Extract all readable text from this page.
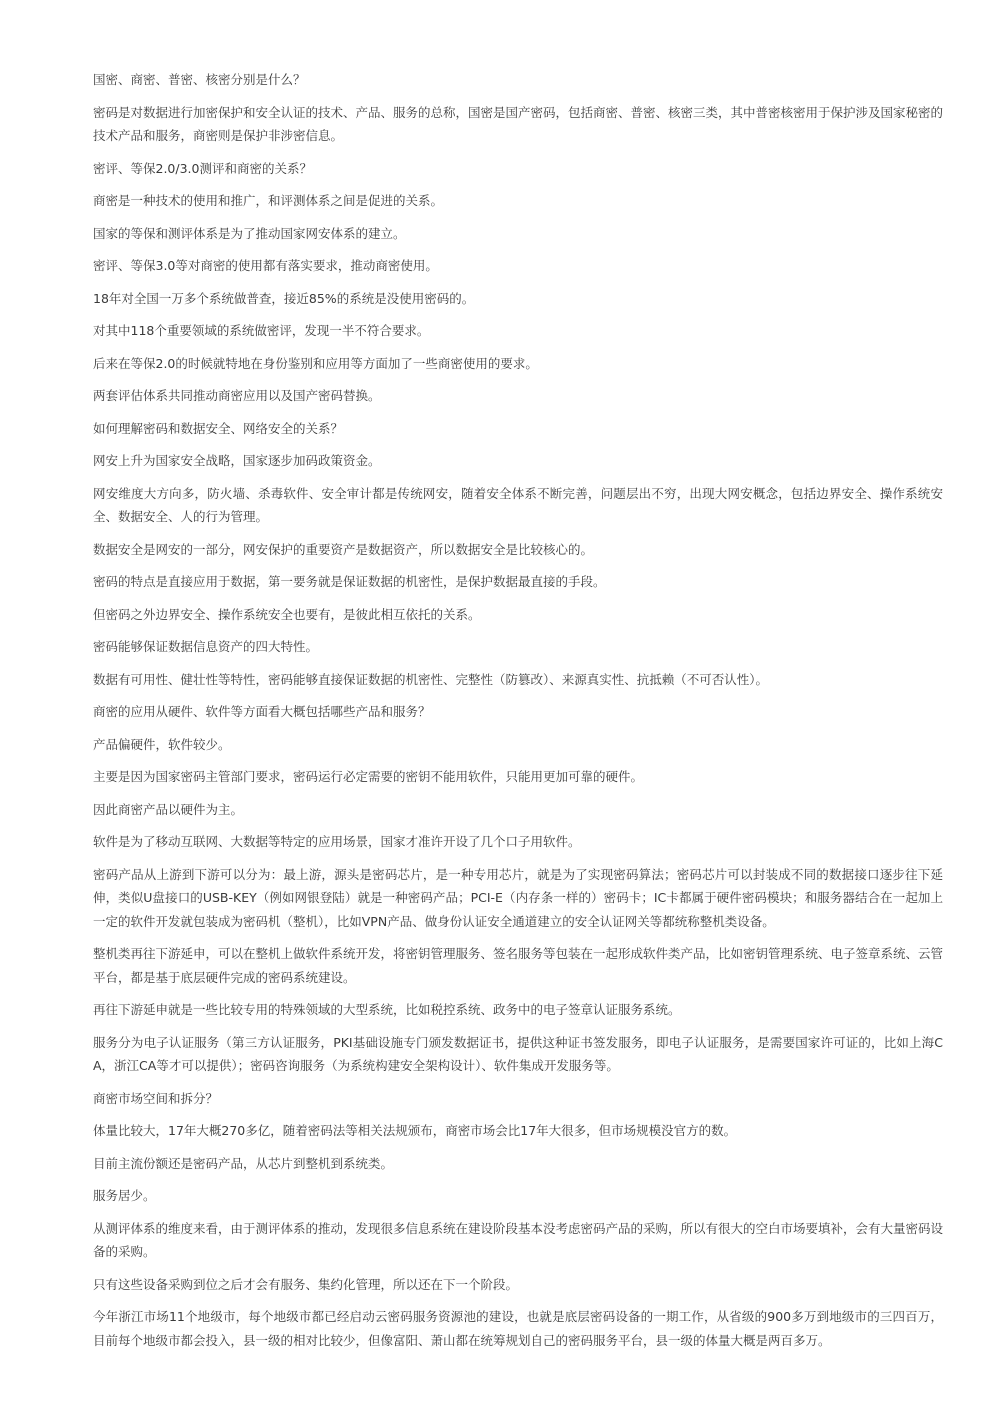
国密、商密、普密、核密分别是什么？

密码是对数据进行加密保护和安全认证的技术、产品、服务的总称，国密是国产密码，包括商密、普密、核密三类，其中普密核密用于保护涉及国家秘密的技术产品和服务，商密则是保护非涉密信息。

密评、等保2.0/3.0测评和商密的关系？

商密是一种技术的使用和推广，和评测体系之间是促进的关系。

国家的等保和测评体系是为了推动国家网安体系的建立。

密评、等保3.0等对商密的使用都有落实要求，推动商密使用。

18年对全国一万多个系统做普查，接近85%的系统是没使用密码的。

对其中118个重要领域的系统做密评，发现一半不符合要求。

后来在等保2.0的时候就特地在身份鉴别和应用等方面加了一些商密使用的要求。

两套评估体系共同推动商密应用以及国产密码替换。

如何理解密码和数据安全、网络安全的关系？

网安上升为国家安全战略，国家逐步加码政策资金。

网安维度大方向多，防火墙、杀毒软件、安全审计都是传统网安，随着安全体系不断完善，问题层出不穷，出现大网安概念，包括边界安全、操作系统安全、数据安全、人的行为管理。

数据安全是网安的一部分，网安保护的重要资产是数据资产，所以数据安全是比较核心的。

密码的特点是直接应用于数据，第一要务就是保证数据的机密性，是保护数据最直接的手段。

但密码之外边界安全、操作系统安全也要有，是彼此相互依托的关系。

密码能够保证数据信息资产的四大特性。

数据有可用性、健壮性等特性，密码能够直接保证数据的机密性、完整性（防篡改）、来源真实性、抗抵赖（不可否认性）。

商密的应用从硬件、软件等方面看大概包括哪些产品和服务？

产品偏硬件，软件较少。

主要是因为国家密码主管部门要求，密码运行必定需要的密钥不能用软件，只能用更加可靠的硬件。

因此商密产品以硬件为主。

软件是为了移动互联网、大数据等特定的应用场景，国家才准许开设了几个口子用软件。

密码产品从上游到下游可以分为：最上游，源头是密码芯片，是一种专用芯片，就是为了实现密码算法；密码芯片可以封装成不同的数据接口逐步往下延伸，类似U盘接口的USB-KEY（例如网银登陆）就是一种密码产品；PCI-E（内存条一样的）密码卡；IC卡都属于硬件密码模块；和服务器结合在一起加上一定的软件开发就包装成为密码机（整机），比如VPN产品、做身份认证安全通道建立的安全认证网关等都统称整机类设备。

整机类再往下游延申，可以在整机上做软件系统开发，将密钥管理服务、签名服务等包装在一起形成软件类产品，比如密钥管理系统、电子签章系统、云管平台，都是基于底层硬件完成的密码系统建设。

再往下游延申就是一些比较专用的特殊领域的大型系统，比如税控系统、政务中的电子签章认证服务系统。

服务分为电子认证服务（第三方认证服务，PKI基础设施专门颁发数据证书，提供这种证书签发服务，即电子认证服务，是需要国家许可证的，比如上海CA，浙江CA等才可以提供）；密码咨询服务（为系统构建安全架构设计）、软件集成开发服务等。

商密市场空间和拆分？

体量比较大，17年大概270多亿，随着密码法等相关法规颁布，商密市场会比17年大很多，但市场规模没官方的数。

目前主流份额还是密码产品，从芯片到整机到系统类。

服务居少。

从测评体系的维度来看，由于测评体系的推动，发现很多信息系统在建设阶段基本没考虑密码产品的采购，所以有很大的空白市场要填补，会有大量密码设备的采购。

只有这些设备采购到位之后才会有服务、集约化管理，所以还在下一个阶段。

今年浙江市场11个地级市，每个地级市都已经启动云密码服务资源池的建设，也就是底层密码设备的一期工作，从省级的900多万到地级市的三四百万，目前每个地级市都会投入，县一级的相对比较少，但像富阳、萧山都在统筹规划自己的密码服务平台，县一级的体量大概是两百多万。
